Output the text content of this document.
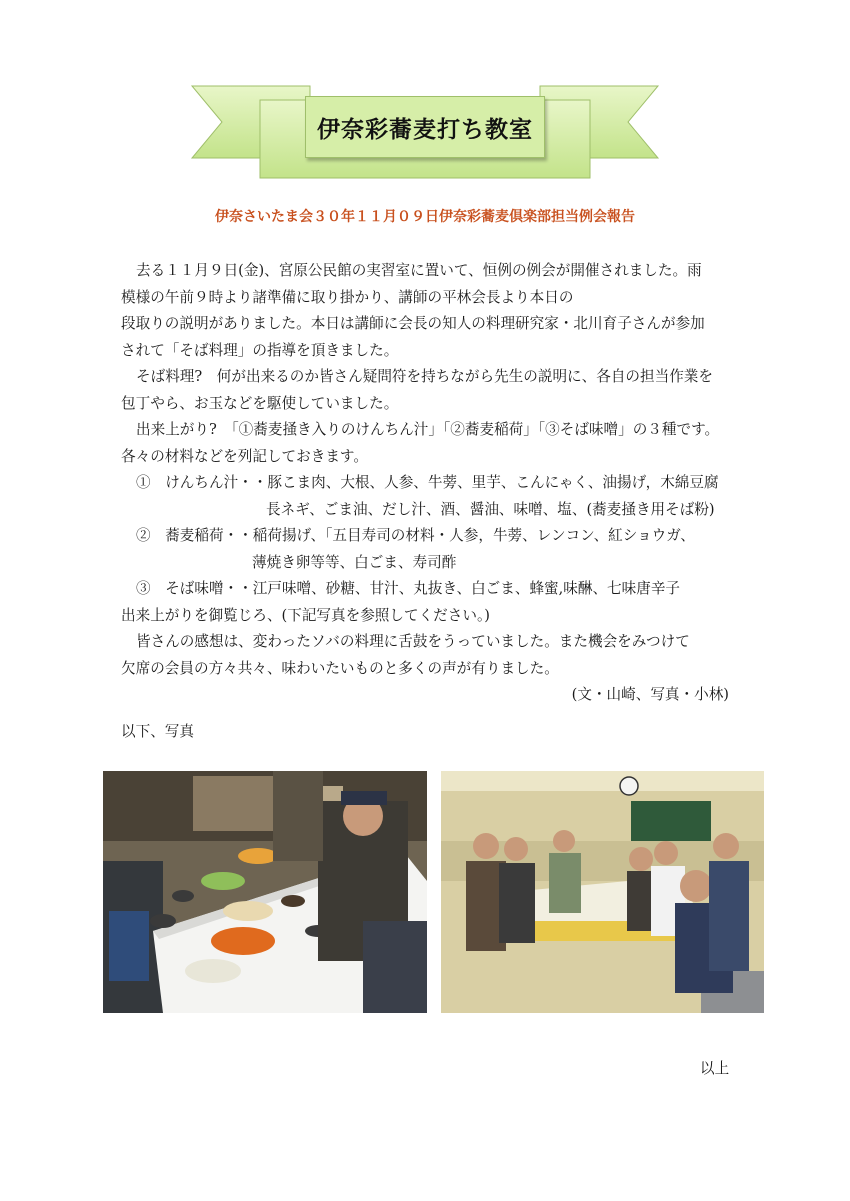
伊奈彩蕎麦打ち教室
伊奈さいたま会３０年１１月０９日伊奈彩蕎麦倶楽部担当例会報告
去る１１月９日(金)、宮原公民館の実習室に置いて、恒例の例会が開催されました。雨
模様の午前９時より諸準備に取り掛かり、講師の平林会長より本日の
段取りの説明がありました。本日は講師に会長の知人の料理研究家・北川育子さんが参加
されて「そば料理」の指導を頂きました。
そば料理?　何が出来るのか皆さん疑問符を持ちながら先生の説明に、各自の担当作業を
包丁やら、お玉などを駆使していました。
出来上がり?　「①蕎麦掻き入りのけんちん汁」「②蕎麦稲荷」「③そば味噌」の３種です。
各々の材料などを列記しておきます。
①　けんちん汁・・豚こま肉、大根、人参、牛蒡、里芋、こんにゃく、油揚げ，木綿豆腐
長ネギ、ごま油、だし汁、酒、醤油、味噌、塩、(蕎麦掻き用そば粉)
②　蕎麦稲荷・・稲荷揚げ、「五目寿司の材料・人参，牛蒡、レンコン、紅ショウガ、
薄焼き卵等等、白ごま、寿司酢
③　そば味噌・・江戸味噌、砂糖、甘汁、丸抜き、白ごま、蜂蜜,味醂、七味唐辛子
出来上がりを御覧じろ、(下記写真を参照してください。)
皆さんの感想は、変わったソバの料理に舌鼓をうっていました。また機会をみつけて
欠席の会員の方々共々、味わいたいものと多くの声が有りました。
(文・山崎、写真・小林)
以下、写真
以上
